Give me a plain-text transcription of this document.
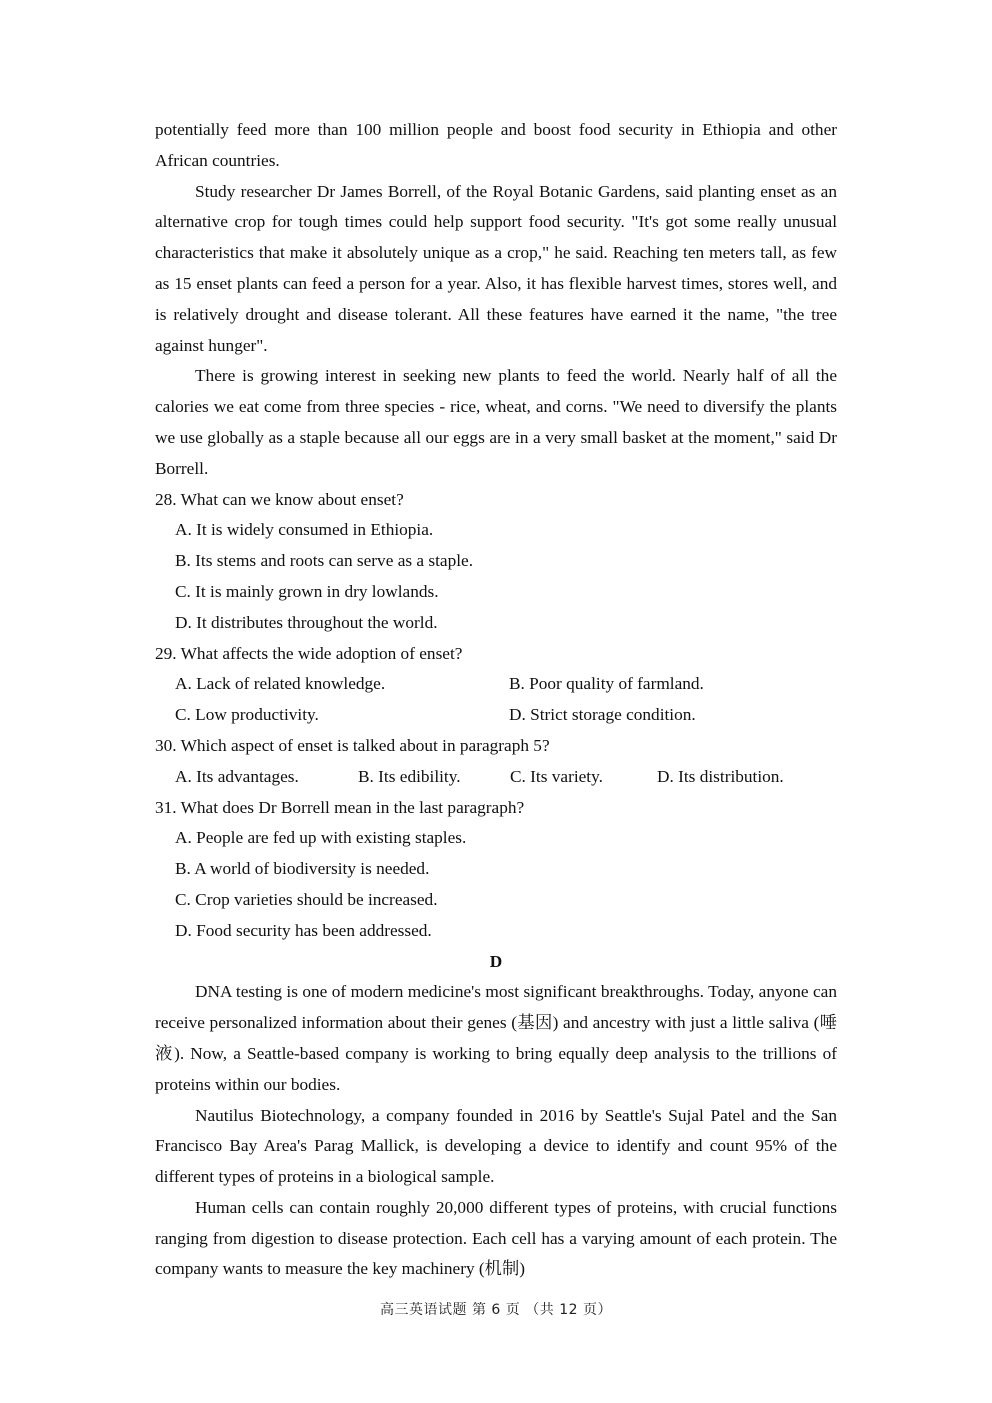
potentially feed more than 100 million people and boost food security in Ethiopia and other African countries.

Study researcher Dr James Borrell, of the Royal Botanic Gardens, said planting enset as an alternative crop for tough times could help support food security. "It's got some really unusual characteristics that make it absolutely unique as a crop," he said. Reaching ten meters tall, as few as 15 enset plants can feed a person for a year. Also, it has flexible harvest times, stores well, and is relatively drought and disease tolerant. All these features have earned it the name, "the tree against hunger".

There is growing interest in seeking new plants to feed the world. Nearly half of all the calories we eat come from three species - rice, wheat, and corns. "We need to diversify the plants we use globally as a staple because all our eggs are in a very small basket at the moment," said Dr Borrell.

28. What can we know about enset?
A. It is widely consumed in Ethiopia.
B. Its stems and roots can serve as a staple.
C. It is mainly grown in dry lowlands.
D. It distributes throughout the world.
29. What affects the wide adoption of enset?
A. Lack of related knowledge.	B. Poor quality of farmland.
C. Low productivity.	D. Strict storage condition.
30. Which aspect of enset is talked about in paragraph 5?
A. Its advantages.	B. Its edibility.	C. Its variety.	D. Its distribution.
31. What does Dr Borrell mean in the last paragraph?
A. People are fed up with existing staples.
B. A world of biodiversity is needed.
C. Crop varieties should be increased.
D. Food security has been addressed.
D

DNA testing is one of modern medicine's most significant breakthroughs. Today, anyone can receive personalized information about their genes (基因) and ancestry with just a little saliva (唾液). Now, a Seattle-based company is working to bring equally deep analysis to the trillions of proteins within our bodies.

Nautilus Biotechnology, a company founded in 2016 by Seattle's Sujal Patel and the San Francisco Bay Area's Parag Mallick, is developing a device to identify and count 95% of the different types of proteins in a biological sample.

Human cells can contain roughly 20,000 different types of proteins, with crucial functions ranging from digestion to disease protection. Each cell has a varying amount of each protein. The company wants to measure the key machinery (机制)

高三英语试题 第 6 页 （共 12 页）
